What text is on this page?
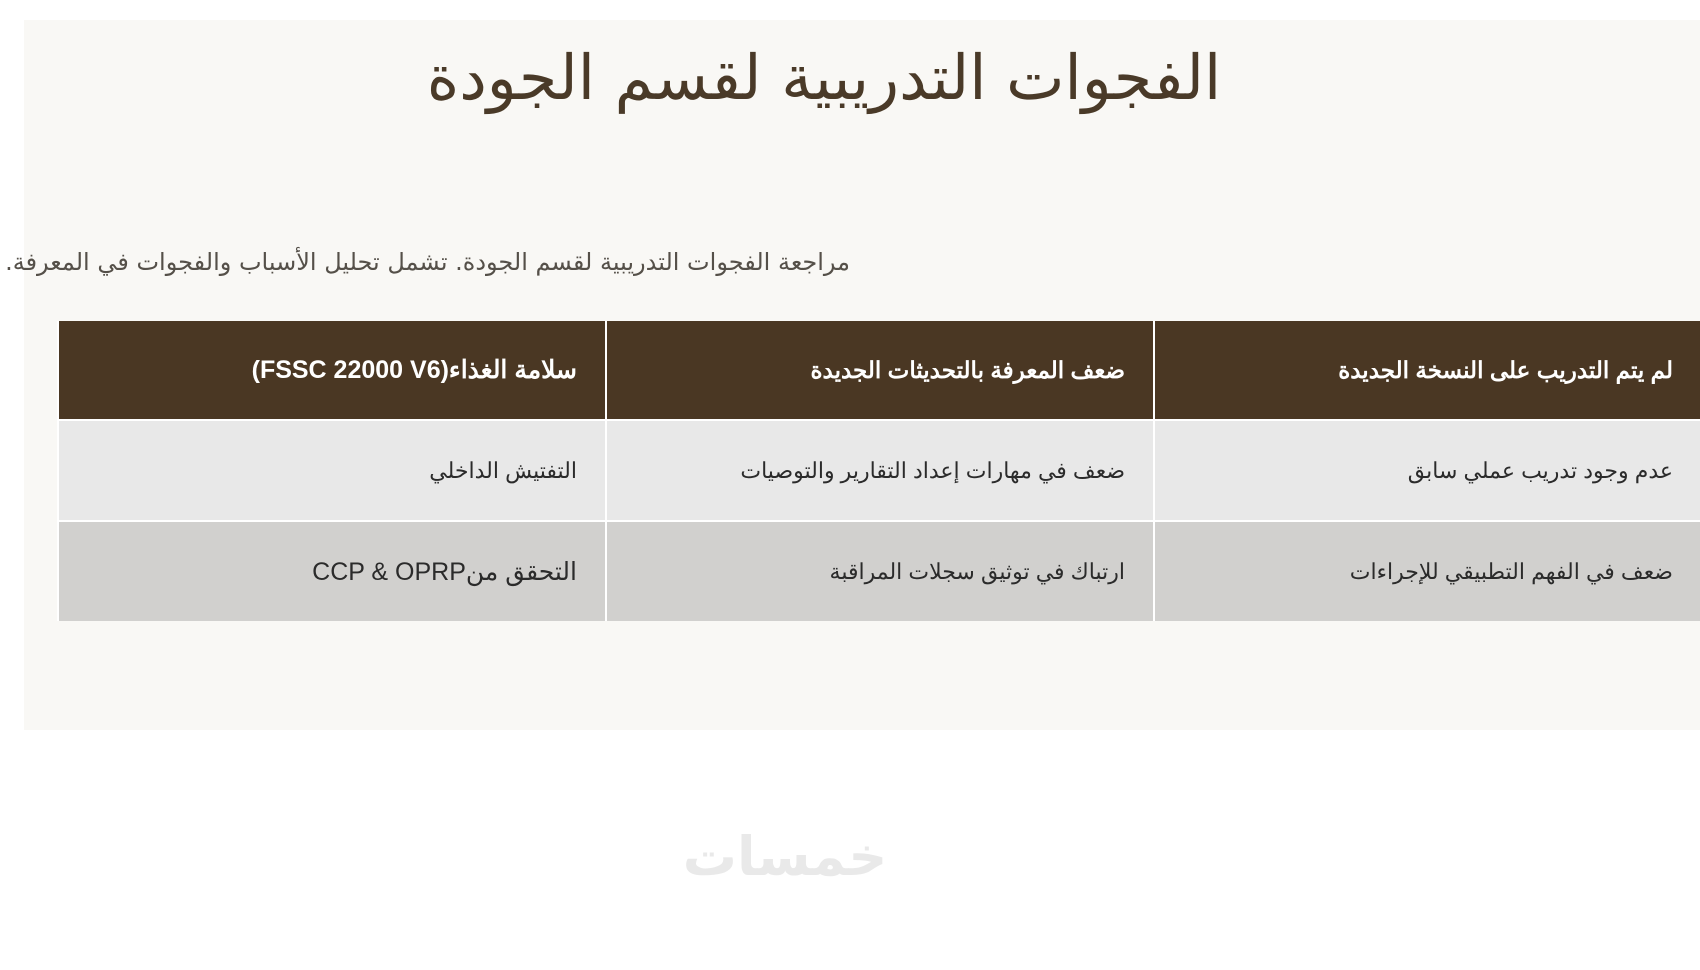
الفجوات التدريبية لقسم الجودة
مراجعة الفجوات التدريبية لقسم الجودة. تشمل تحليل الأسباب والفجوات في المعرفة.
لم يتم التدريب على النسخة الجديدة	ضعف المعرفة بالتحديثات الجديدة	سلامة الغذاء(FSSC 22000 V6)
عدم وجود تدريب عملي سابق	ضعف في مهارات إعداد التقارير والتوصيات	التفتيش الداخلي
ضعف في الفهم التطبيقي للإجراءات	ارتباك في توثيق سجلات المراقبة	التحقق منCCP & OPRP
خمسات
